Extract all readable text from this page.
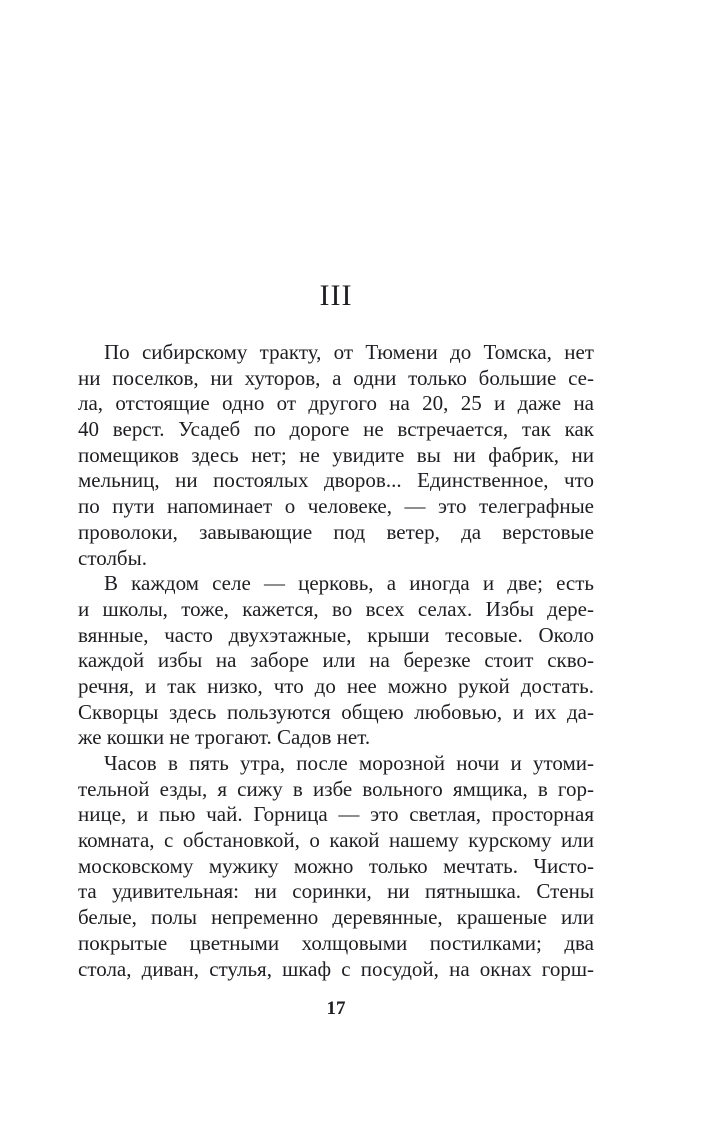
III
По сибирскому тракту, от Тюмени до Томска, нет
ни поселков, ни хуторов, а одни только большие се-
ла, отстоящие одно от другого на 20, 25 и даже на
40 верст. Усадеб по дороге не встречается, так как
помещиков здесь нет; не увидите вы ни фабрик, ни
мельниц, ни постоялых дворов... Единственное, что
по пути напоминает о человеке, — это телеграфные
проволоки, завывающие под ветер, да верстовые
столбы.
В каждом селе — церковь, а иногда и две; есть
и школы, тоже, кажется, во всех селах. Избы дере-
вянные, часто двухэтажные, крыши тесовые. Около
каждой избы на заборе или на березке стоит скво-
речня, и так низко, что до нее можно рукой достать.
Скворцы здесь пользуются общею любовью, и их да-
же кошки не трогают. Садов нет.
Часов в пять утра, после морозной ночи и утоми-
тельной езды, я сижу в избе вольного ямщика, в гор-
нице, и пью чай. Горница — это светлая, просторная
комната, с обстановкой, о какой нашему курскому или
московскому мужику можно только мечтать. Чисто-
та удивительная: ни соринки, ни пятнышка. Стены
белые, полы непременно деревянные, крашеные или
покрытые цветными холщовыми постилками; два
стола, диван, стулья, шкаф с посудой, на окнах горш-
17
